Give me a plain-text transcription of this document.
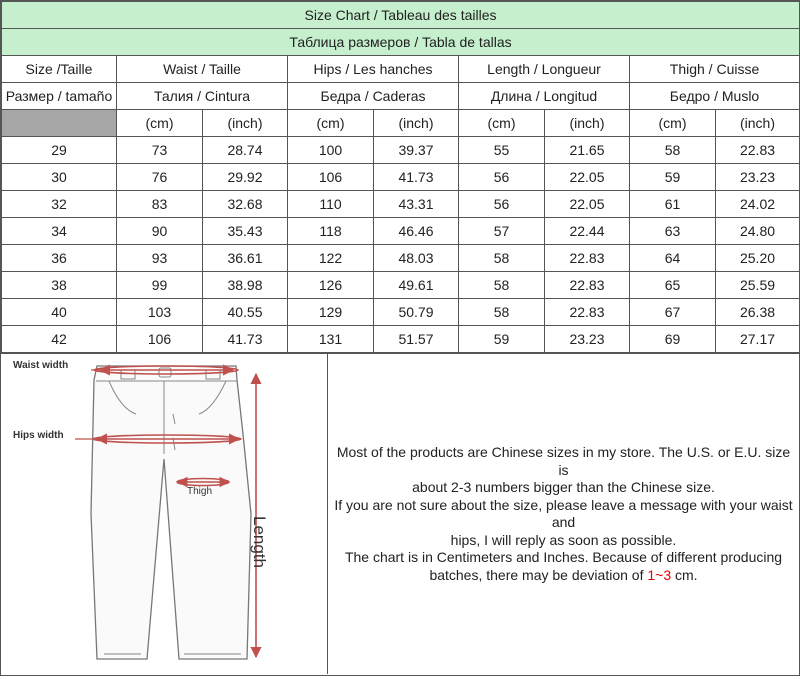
Size Chart / Tableau des tailles								
Таблица размеров / Tabla de tallas								
Size /Taille	Waist / Taille		Hips / Les hanches		Length / Longueur		Thigh / Cuisse	
Размер / tamaño	Талия / Cintura		Бедра / Caderas		Длина / Longitud		Бедро / Muslo	
	(cm)	(inch)	(cm)	(inch)	(cm)	(inch)	(cm)	(inch)
29	73	28.74	100	39.37	55	21.65	58	22.83
30	76	29.92	106	41.73	56	22.05	59	23.23
32	83	32.68	110	43.31	56	22.05	61	24.02
34	90	35.43	118	46.46	57	22.44	63	24.80
36	93	36.61	122	48.03	58	22.83	64	25.20
38	99	38.98	126	49.61	58	22.83	65	25.59
40	103	40.55	129	50.79	58	22.83	67	26.38
42	106	41.73	131	51.57	59	23.23	69	27.17
Waist width
Hips width
Thigh
Length
Most of the products are Chinese sizes in my store. The U.S. or E.U. size is
about 2-3 numbers bigger than the Chinese size.
If you are not sure about the size, please leave a message with your waist and
hips, I will reply as soon as possible.
The chart is in Centimeters and Inches. Because of different producing
batches, there may be deviation of 1~3 cm.
